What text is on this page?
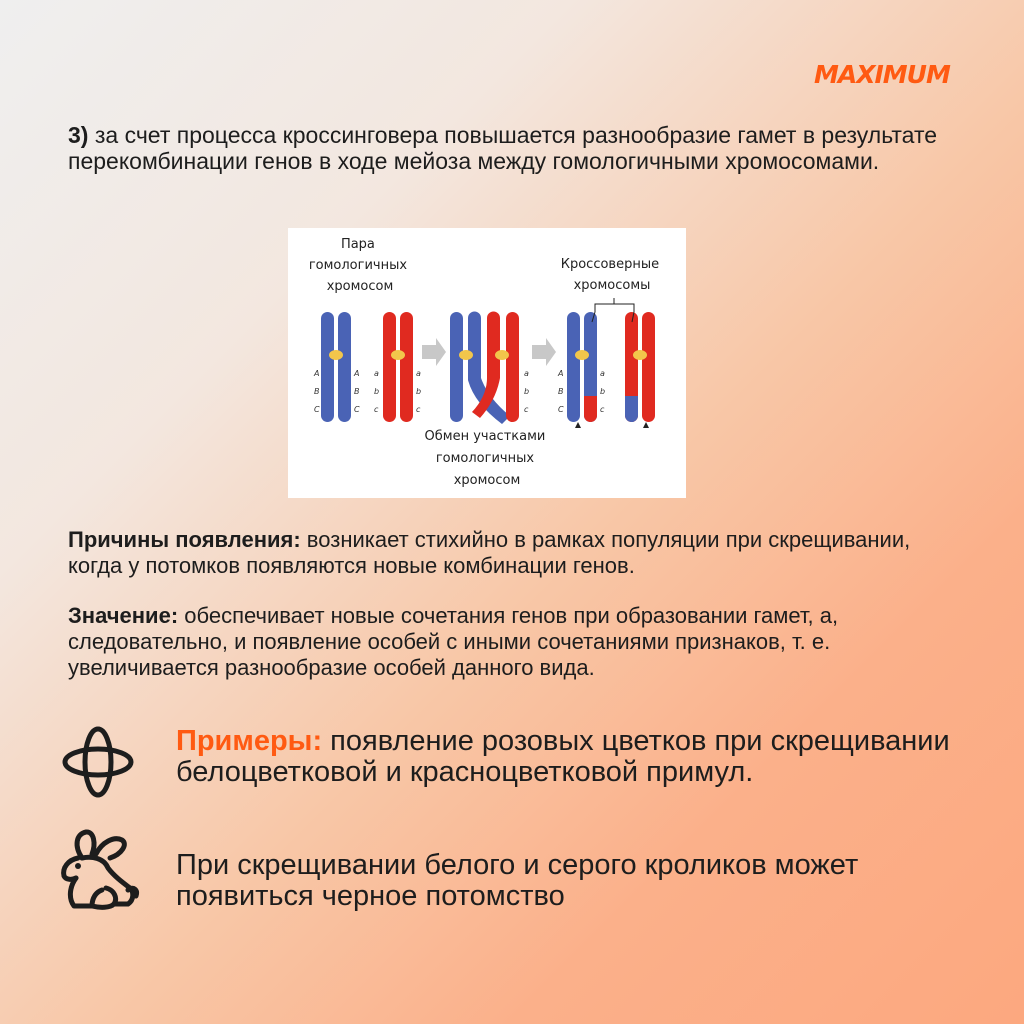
MAXIMUM
3) за счет процесса кроссинговера повышается разнообразие гамет в результате перекомбинации генов в ходе мейоза между гомологичными хромосомами.
Пара гомологичных хромосом
Кроссоверные хромосомы
A
B
C
A
B
C
a
b
c
a
b
c
a
b
c
A
B
C
a
b
c
Обмен участками гомологичных хромосом
Причины появления: возникает стихийно в рамках популяции при скрещивании, когда у потомков появляются новые комбинации генов.
Значение: обеспечивает новые сочетания генов при образовании гамет, а, следовательно, и появление особей с иными сочетаниями признаков, т. е. увеличивается разнообразие особей данного вида.
Примеры: появление розовых цветков при скрещивании белоцветковой и красноцветковой примул.
При скрещивании белого и серого кроликов может появиться черное потомство
